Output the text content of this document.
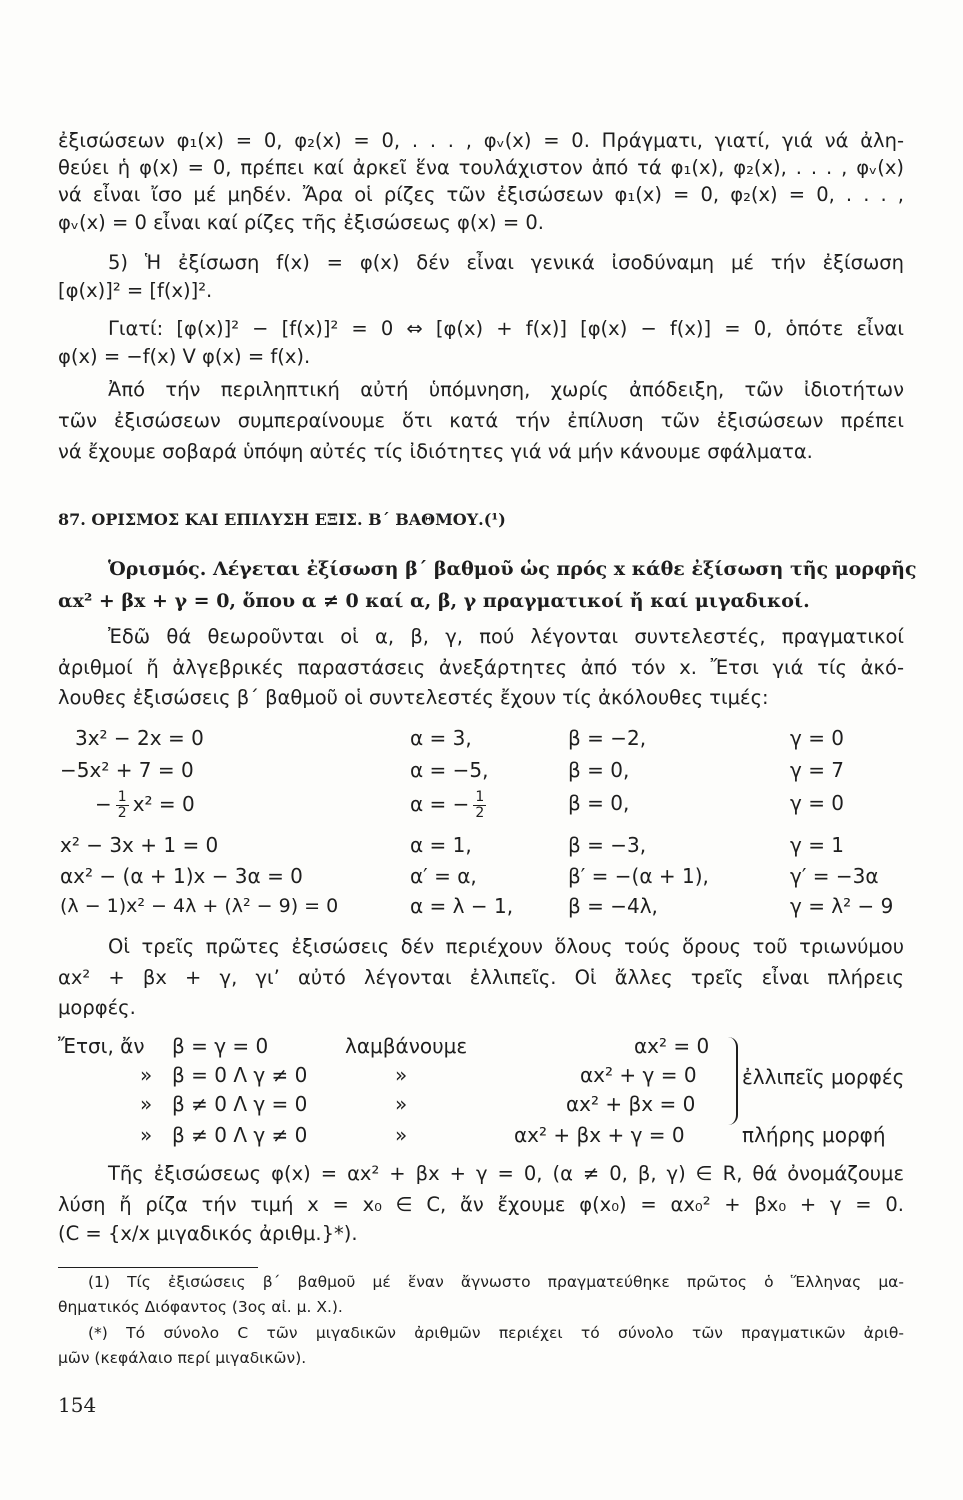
ἐξισώσεων φ₁(x) = 0, φ₂(x) = 0, . . . , φᵥ(x) = 0. Πράγματι, γιατί, γιά νά ἀλη-
θεύει ἡ φ(x) = 0, πρέπει καί ἀρκεῖ ἕνα τουλάχιστον ἀπό τά φ₁(x), φ₂(x), . . . , φᵥ(x)
νά εἶναι ἴσο μέ μηδέν. Ἄρα οἱ ρίζες τῶν ἐξισώσεων φ₁(x) = 0, φ₂(x) = 0, . . . ,
φᵥ(x) = 0 εἶναι καί ρίζες τῆς ἐξισώσεως φ(x) = 0.
5) Ἡ ἐξίσωση f(x) = φ(x) δέν εἶναι γενικά ἰσοδύναμη μέ τήν ἐξίσωση
[φ(x)]² = [f(x)]².
Γιατί: [φ(x)]² − [f(x)]² = 0 ⇔ [φ(x) + f(x)] [φ(x) − f(x)] = 0, ὁπότε εἶναι
φ(x) = −f(x) V φ(x) = f(x).
Ἀπό τήν περιληπτική αὐτή ὑπόμνηση, χωρίς ἀπόδειξη, τῶν ἰδιοτήτων
τῶν ἐξισώσεων συμπεραίνουμε ὅτι κατά τήν ἐπίλυση τῶν ἐξισώσεων πρέπει
νά ἔχουμε σοβαρά ὑπόψη αὐτές τίς ἰδιότητες γιά νά μήν κάνουμε σφάλματα.
87. ΟΡΙΣΜΟΣ ΚΑΙ ΕΠΙΛΥΣΗ ΕΞΙΣ. Β΄ ΒΑΘΜΟΥ.(¹)
Ὁρισμός. Λέγεται ἐξίσωση β΄ βαθμοῦ ὡς πρός x κάθε ἐξίσωση τῆς μορφῆς
αx² + βx + γ = 0, ὅπου α ≠ 0 καί α, β, γ πραγματικοί ἤ καί μιγαδικοί.
Ἐδῶ θά θεωροῦνται οἱ α, β, γ, πού λέγονται συντελεστές, πραγματικοί
ἀριθμοί ἤ ἀλγεβρικές παραστάσεις ἀνεξάρτητες ἀπό τόν x. Ἔτσι γιά τίς ἀκό-
λουθες ἐξισώσεις β΄ βαθμοῦ οἱ συντελεστές ἔχουν τίς ἀκόλουθες τιμές:
3x² − 2x = 0	α = 3,	β = −2,	γ = 0
−5x² + 7 = 0	α = −5,	β = 0,	γ = 7
− $\frac{1}{2} x^2 = 0$	α = − $\frac{1}{2}$	β = 0,	γ = 0
x² − 3x + 1 = 0	α = 1,	β = −3,	γ = 1
αx² − (α + 1)x − 3α = 0	α′ = α,	β′ = −(α + 1),	γ′ = −3α
(λ − 1)x² − 4λ + (λ² − 9) = 0	α = λ − 1,	β = −4λ,	γ = λ² − 9
Οἱ τρεῖς πρῶτες ἐξισώσεις δέν περιέχουν ὅλους τούς ὅρους τοῦ τριωνύμου
αx² + βx + γ, γι’ αὐτό λέγονται ἐλλιπεῖς. Οἱ ἄλλες τρεῖς εἶναι πλήρεις
μορφές.
Ἔτσι, ἄν β = γ = 0	λαμβάνουμε	αx² = 0
» β = 0 Λ γ ≠ 0	»	αx² + γ = 0
» β ≠ 0 Λ γ = 0	»	αx² + βx = 0
ἐλλιπεῖς μορφές
» β ≠ 0 Λ γ ≠ 0	»	αx² + βx + γ = 0	πλήρης μορφή
Τῆς ἐξισώσεως φ(x) = αx² + βx + γ = 0, (α ≠ 0, β, γ) ∈ R, θά ὀνομάζουμε
λύση ἤ ρίζα τήν τιμή x = x₀ ∈ C, ἄν ἔχουμε φ(x₀) = αx₀² + βx₀ + γ = 0.
(C = {x/x μιγαδικός ἀριθμ.}*).
(1) Τίς ἐξισώσεις β΄ βαθμοῦ μέ ἕναν ἄγνωστο πραγματεύθηκε πρῶτος ὁ Ἕλληνας μα-
θηματικός Διόφαντος (3ος αἰ. μ. Χ.).
(*) Τό σύνολο C τῶν μιγαδικῶν ἀριθμῶν περιέχει τό σύνολο τῶν πραγματικῶν ἀριθ-
μῶν (κεφάλαιο περί μιγαδικῶν).
154
